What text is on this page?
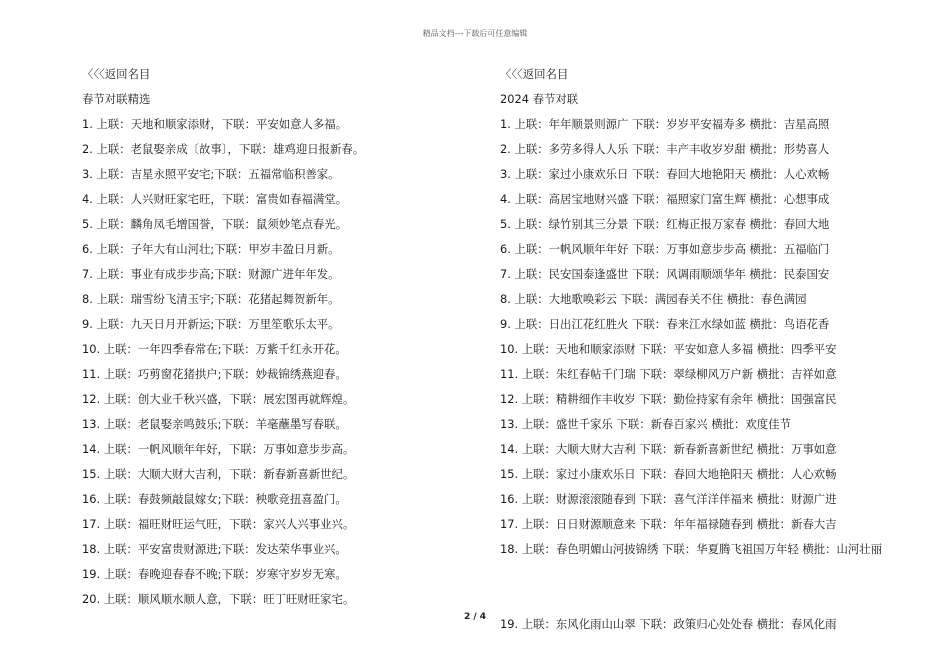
精品文档---下载后可任意编辑
〈〈〈返回名目
春节对联精选
1. 上联：天地和顺家添财，下联：平安如意人多福。
2. 上联：老鼠娶亲成〔故事〕，下联：雄鸡迎日报新春。
3. 上联：吉星永照平安宅;下联：五福常临积善家。
4. 上联：人兴财旺家宅旺，下联：富贵如春福满堂。
5. 上联：麟角凤毛增国誉，下联：鼠须妙笔点春光。
6. 上联：子年大有山河壮;下联：甲岁丰盈日月新。
7. 上联：事业有成步步高;下联：财源广进年年发。
8. 上联：瑞雪纷飞清玉宇;下联：花猪起舞贺新年。
9. 上联：九天日月开新运;下联：万里笙歌乐太平。
10. 上联：一年四季春常在;下联：万紫千红永开花。
11. 上联：巧剪窗花猪拱户;下联：妙裁锦绣燕迎春。
12. 上联：创大业千秋兴盛，下联：展宏图再就辉煌。
13. 上联：老鼠娶亲鸣鼓乐;下联：羊毫蘸墨写春联。
14. 上联：一帆风顺年年好，下联：万事如意步步高。
15. 上联：大顺大财大吉利，下联：新春新喜新世纪。
16. 上联：春鼓频敲鼠嫁女;下联：秧歌竞扭喜盈门。
17. 上联：福旺财旺运气旺，下联：家兴人兴事业兴。
18. 上联：平安富贵财源进;下联：发达荣华事业兴。
19. 上联：春晚迎春春不晚;下联：岁寒守岁岁无寒。
20. 上联：顺风顺水顺人意，下联：旺丁旺财旺家宅。
〈〈〈返回名目
2024 春节对联
1. 上联：年年顺景则源广 下联：岁岁平安福寿多 横批：吉星高照
2. 上联：多劳多得人人乐 下联：丰产丰收岁岁甜 横批：形势喜人
3. 上联：家过小康欢乐日 下联：春回大地艳阳天 横批：人心欢畅
4. 上联：高居宝地财兴盛 下联：福照家门富生辉 横批：心想事成
5. 上联：绿竹别其三分景 下联：红梅正报万家春 横批：春回大地
6. 上联：一帆风顺年年好 下联：万事如意步步高 横批：五福临门
7. 上联：民安国泰逢盛世 下联：风调雨顺颂华年 横批：民泰国安
8. 上联：大地歌唤彩云 下联：满园春关不住 横批：春色满园
9. 上联：日出江花红胜火 下联：春来江水绿如蓝 横批：鸟语花香
10. 上联：天地和顺家添财 下联：平安如意人多福 横批：四季平安
11. 上联：朱红春帖千门瑞 下联：翠绿柳风万户新 横批：吉祥如意
12. 上联：精耕细作丰收岁 下联：勤俭持家有余年 横批：国强富民
13. 上联：盛世千家乐 下联：新春百家兴 横批：欢度佳节
14. 上联：大顺大财大吉利 下联：新春新喜新世纪 横批：万事如意
15. 上联：家过小康欢乐日 下联：春回大地艳阳天 横批：人心欢畅
16. 上联：财源滚滚随春到 下联：喜气洋洋伴福来 横批：财源广进
17. 上联：日日财源顺意来 下联：年年福禄随春到 横批：新春大吉
18. 上联：春色明媚山河披锦绣 下联：华夏腾飞祖国万年轻 横批：山河壮丽
19. 上联：东风化雨山山翠 下联：政策归心处处春 横批：春风化雨
2 / 4
